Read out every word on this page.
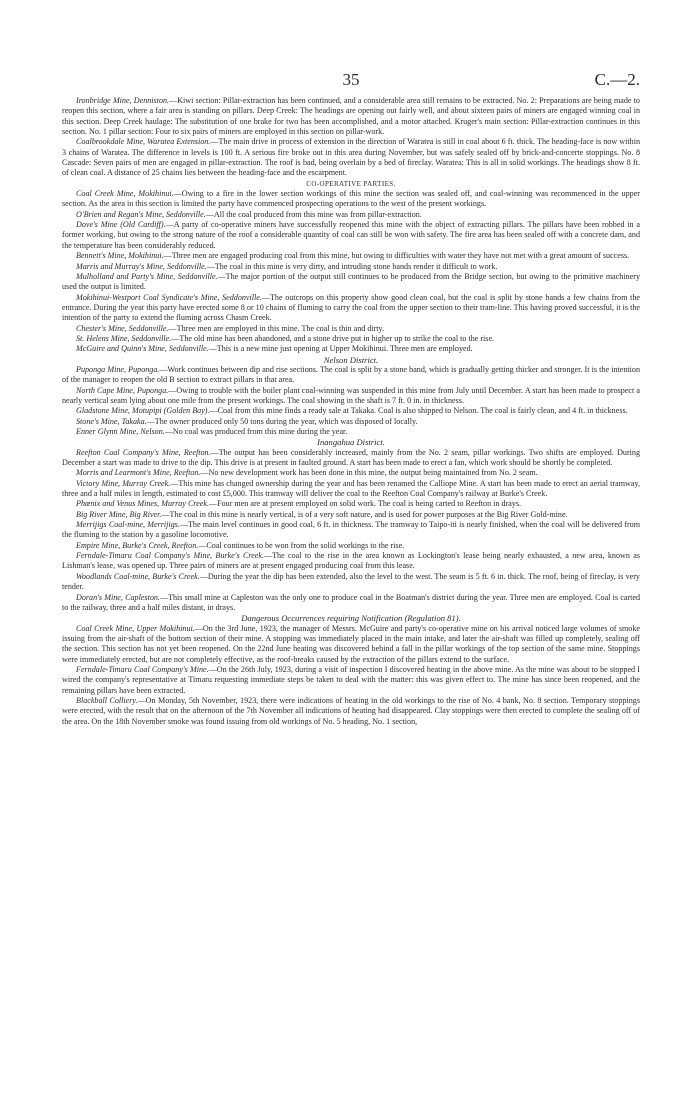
35	C.—2.

Ironbridge Mine, Denniston.—Kiwi section: Pillar-extraction has been continued, and a considerable area still remains to be extracted. No. 2: Preparations are being made to reopen this section, where a fair area is standing on pillars. Deep Creek: The headings are opening out fairly well, and about sixteen pairs of miners are engaged winning coal in this section. Deep Creek haulage: The substitution of one brake for two has been accomplished, and a motor attached. Kruger's main section: Pillar-extraction continues in this section. No. 1 pillar section: Four to six pairs of miners are employed in this section on pillar-work.

Coalbrookdale Mine, Waratea Extension.—The main drive in process of extension in the direction of Waratea is still in coal about 6 ft. thick. The heading-face is now within 3 chains of Waratea. The difference in levels is 100 ft. A serious fire broke out in this area during November, but was safely sealed off by brick-and-concerte stoppings. No. 8 Cascade: Seven pairs of men are engaged in pillar-extraction. The roof is bad, being overlain by a bed of fireclay. Waratea: This is all in solid workings. The headings show 8 ft. of clean coal. A distance of 25 chains lies between the heading-face and the escarpment.

CO-OPERATIVE PARTIES.

Coal Creek Mine, Mokihinui.—Owing to a fire in the lower section workings of this mine the section was sealed off, and coal-winning was recommenced in the upper section. As the area in this section is limited the party have commenced prospecting operations to the west of the present workings.

O'Brien and Regan's Mine, Seddonville.—All the coal produced from this mine was from pillar-extraction.

Dove's Mine (Old Cardiff).—A party of co-operative miners have successfully reopened this mine with the object of extracting pillars. The pillars have been robbed in a former working, but owing to the strong nature of the roof a considerable quantity of coal can still be won with safety. The fire area has been sealed off with a concrete dam, and the temperature has been considerably reduced.

Bennett's Mine, Mokihinui.—Three men are engaged producing coal from this mine, but owing to difficulties with water they have not met with a great amount of success.

Marris and Murray's Mine, Seddonville.—The coal in this mine is very dirty, and intruding stone bands render it difficult to work.

Mulholland and Party's Mine, Seddonville.—The major portion of the output still continues to be produced from the Bridge section, but owing to the primitive machinery used the output is limited.

Mokihinui-Westport Coal Syndicate's Mine, Seddonville.—The outcrops on this property show good clean coal, but the coal is split by stone bands a few chains from the entrance. During the year this party have erected some 8 or 10 chains of fluming to carry the coal from the upper section to their tram-line. This having proved successful, it is the intention of the party to extend the fluming across Chasm Creek.

Chester's Mine, Seddonville.—Three men are employed in this mine. The coal is thin and dirty.

St. Helens Mine, Seddonville.—The old mine has been abandoned, and a stone drive put in higher up to strike the coal to the rise.

McGuire and Quinn's Mine, Seddonville.—This is a new mine just opening at Upper Mokihinui. Three men are employed.

Nelson District.

Puponga Mine, Puponga.—Work continues between dip and rise sections. The coal is split by a stone band, which is gradually getting thicker and stronger. It is the intention of the manager to reopen the old B section to extract pillars in that area.

North Cape Mine, Puponga.—Owing to trouble with the boiler plant coal-winning was suspended in this mine from July until December. A start has been made to prospect a nearly vertical seam lying about one mile from the present workings. The coal showing in the shaft is 7 ft. 0 in. in thickness.

Gladstone Mine, Motupipi (Golden Bay).—Coal from this mine finds a ready sale at Takaka. Coal is also shipped to Nelson. The coal is fairly clean, and 4 ft. in thickness.

Stone's Mine, Takaka.—The owner produced only 50 tons during the year, which was disposed of locally.

Enner Glynn Mine, Nelson.—No coal was produced from this mine during the year.

Inangahua District.

Reefton Coal Company's Mine, Reefton.—The output has been considerably increased, mainly from the No. 2 seam, pillar workings. Two shifts are employed. During December a start was made to drive to the dip. This drive is at present in faulted ground. A start has been made to erect a fan, which work should be shortly be completed.

Morris and Learmont's Mine, Reefton.—No new development work has been done in this mine, the output being maintained from No. 2 seam.

Victory Mine, Murray Creek.—This mine has changed ownership during the year and has been renamed the Calliope Mine. A start has been made to erect an aerial tramway, three and a half miles in length, estimated to cost £5,000. This tramway will deliver the coal to the Reefton Coal Company's railway at Burke's Creek.

Phœnix and Venus Mines, Murray Creek.—Four men are at present employed on solid work. The coal is being carted to Reefton in drays.

Big River Mine, Big River.—The coal in this mine is nearly vertical, is of a very soft nature, and is used for power purposes at the Big River Gold-mine.

Merrijigs Coal-mine, Merrijigs.—The main level continues in good coal, 6 ft. in thickness. The tramway to Taipo-iti is nearly finished, when the coal will be delivered from the fluming to the station by a gasoline locomotive.

Empire Mine, Burke's Creek, Reefton.—Coal continues to be won from the solid workings to the rise.

Ferndale-Timaru Coal Company's Mine, Burke's Creek.—The coal to the rise in the area known as Lockington's lease being nearly exhausted, a new area, known as Lishman's lease, was opened up. Three pairs of miners are at present engaged producing coal from this lease.

Woodlands Coal-mine, Burke's Creek.—During the year the dip has been extended, also the level to the west. The seam is 5 ft. 6 in. thick. The roof, being of fireclay, is very tender.

Doran's Mine, Capleston.—This small mine at Capleston was the only one to produce coal in the Boatman's district during the year. Three men are employed. Coal is carted to the railway, three and a half miles distant, in drays.

Dangerous Occurrences requiring Notification (Regulation 81).

Coal Creek Mine, Upper Mokihinui.—On the 3rd June, 1923, the manager of Messrs. McGuire and party's co-operative mine on his arrival noticed large volumes of smoke issuing from the air-shaft of the bottom section of their mine. A stopping was immediately placed in the main intake, and later the air-shaft was filled up completely, sealing off the section. This section has not yet been reopened. On the 22nd June heating was discovered behind a fall in the pillar workings of the top section of the same mine. Stoppings were immediately erected, but are not completely effective, as the roof-breaks caused by the extraction of the pillars extend to the surface.

Ferndale-Timaru Coal Company's Mine.—On the 26th July, 1923, during a visit of inspection I discovered heating in the above mine. As the mine was about to be stopped I wired the company's representative at Timaru requesting immediate steps be taken to deal with the matter: this was given effect to. The mine has since been reopened, and the remaining pillars have been extracted.

Blackball Colliery.—On Monday, 5th November, 1923, there were indications of heating in the old workings to the rise of No. 4 bank, No. 8 section. Temporary stoppings were erected, with the result that on the afternoon of the 7th November all indications of heating had disappeared. Clay stoppings were then erected to complete the sealing off of the area. On the 18th November smoke was found issuing from old workings of No. 5 heading, No. 1 section,
